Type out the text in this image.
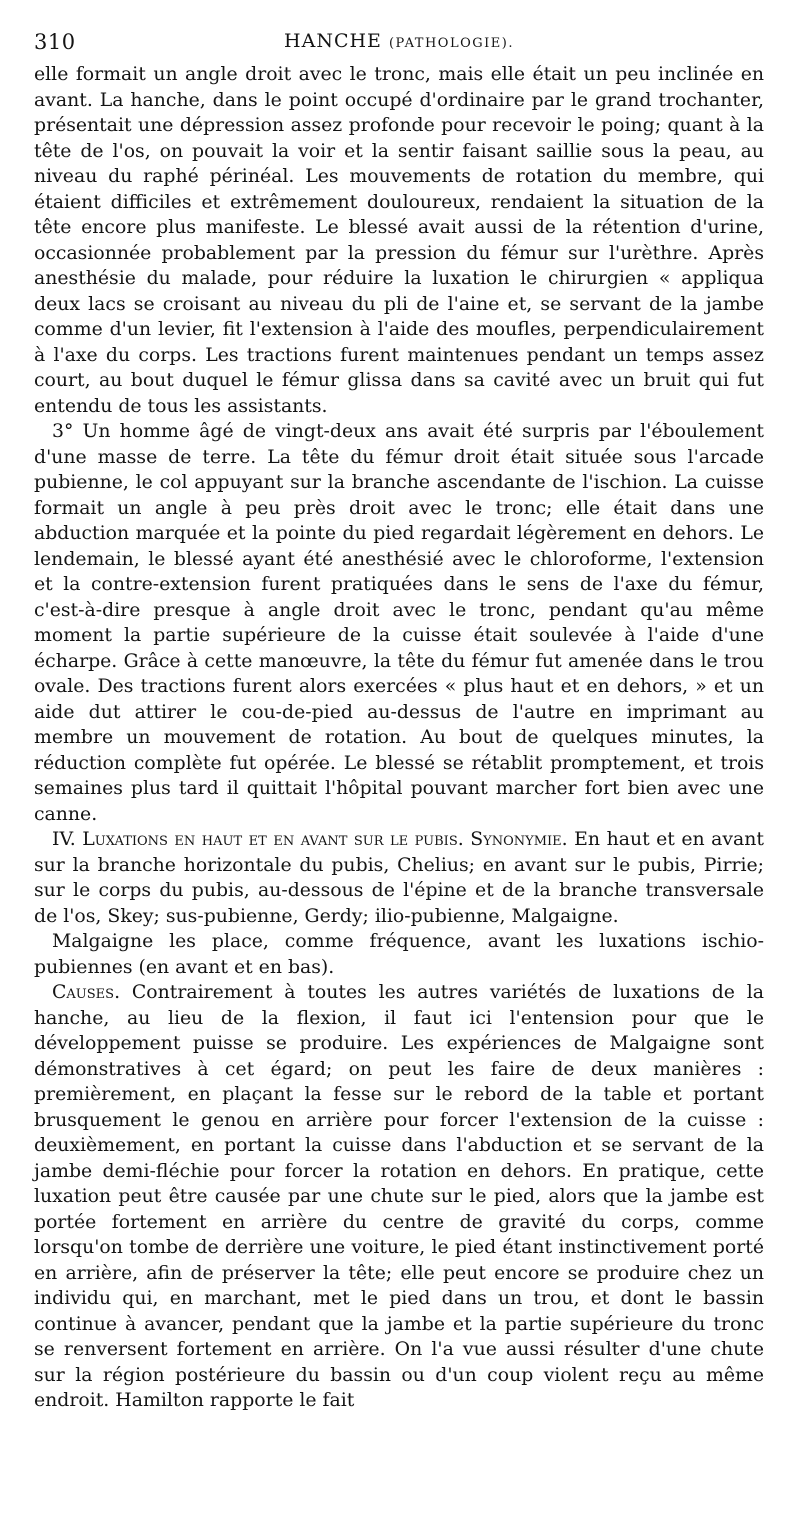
310	HANCHE (PATHOLOGIE).

elle formait un angle droit avec le tronc, mais elle était un peu inclinée en avant. La hanche, dans le point occupé d'ordinaire par le grand trochanter, présentait une dépression assez profonde pour recevoir le poing; quant à la tête de l'os, on pouvait la voir et la sentir faisant saillie sous la peau, au niveau du raphé périnéal. Les mouvements de rotation du membre, qui étaient difficiles et extrêmement douloureux, rendaient la situation de la tête encore plus manifeste. Le blessé avait aussi de la rétention d'urine, occasionnée probablement par la pression du fémur sur l'urèthre. Après anesthésie du malade, pour réduire la luxation le chirurgien « appliqua deux lacs se croisant au niveau du pli de l'aine et, se servant de la jambe comme d'un levier, fit l'extension à l'aide des moufles, perpendiculairement à l'axe du corps. Les tractions furent maintenues pendant un temps assez court, au bout duquel le fémur glissa dans sa cavité avec un bruit qui fut entendu de tous les assistants.

3° Un homme âgé de vingt-deux ans avait été surpris par l'éboulement d'une masse de terre. La tête du fémur droit était située sous l'arcade pubienne, le col appuyant sur la branche ascendante de l'ischion. La cuisse formait un angle à peu près droit avec le tronc; elle était dans une abduction marquée et la pointe du pied regardait légèrement en dehors. Le lendemain, le blessé ayant été anesthésié avec le chloroforme, l'extension et la contre-extension furent pratiquées dans le sens de l'axe du fémur, c'est-à-dire presque à angle droit avec le tronc, pendant qu'au même moment la partie supérieure de la cuisse était soulevée à l'aide d'une écharpe. Grâce à cette manœuvre, la tête du fémur fut amenée dans le trou ovale. Des tractions furent alors exercées « plus haut et en dehors, » et un aide dut attirer le cou-de-pied au-dessus de l'autre en imprimant au membre un mouvement de rotation. Au bout de quelques minutes, la réduction complète fut opérée. Le blessé se rétablit promptement, et trois semaines plus tard il quittait l'hôpital pouvant marcher fort bien avec une canne.

IV. Luxations en haut et en avant sur le pubis. Synonymie. En haut et en avant sur la branche horizontale du pubis, Chelius; en avant sur le pubis, Pirrie; sur le corps du pubis, au-dessous de l'épine et de la branche transversale de l'os, Skey; sus-pubienne, Gerdy; ilio-pubienne, Malgaigne.

Malgaigne les place, comme fréquence, avant les luxations ischio-pubiennes (en avant et en bas).

Causes. Contrairement à toutes les autres variétés de luxations de la hanche, au lieu de la flexion, il faut ici l'entension pour que le développement puisse se produire. Les expériences de Malgaigne sont démonstratives à cet égard; on peut les faire de deux manières : premièrement, en plaçant la fesse sur le rebord de la table et portant brusquement le genou en arrière pour forcer l'extension de la cuisse : deuxièmement, en portant la cuisse dans l'abduction et se servant de la jambe demi-fléchie pour forcer la rotation en dehors. En pratique, cette luxation peut être causée par une chute sur le pied, alors que la jambe est portée fortement en arrière du centre de gravité du corps, comme lorsqu'on tombe de derrière une voiture, le pied étant instinctivement porté en arrière, afin de préserver la tête; elle peut encore se produire chez un individu qui, en marchant, met le pied dans un trou, et dont le bassin continue à avancer, pendant que la jambe et la partie supérieure du tronc se renversent fortement en arrière. On l'a vue aussi résulter d'une chute sur la région postérieure du bassin ou d'un coup violent reçu au même endroit. Hamilton rapporte le fait
